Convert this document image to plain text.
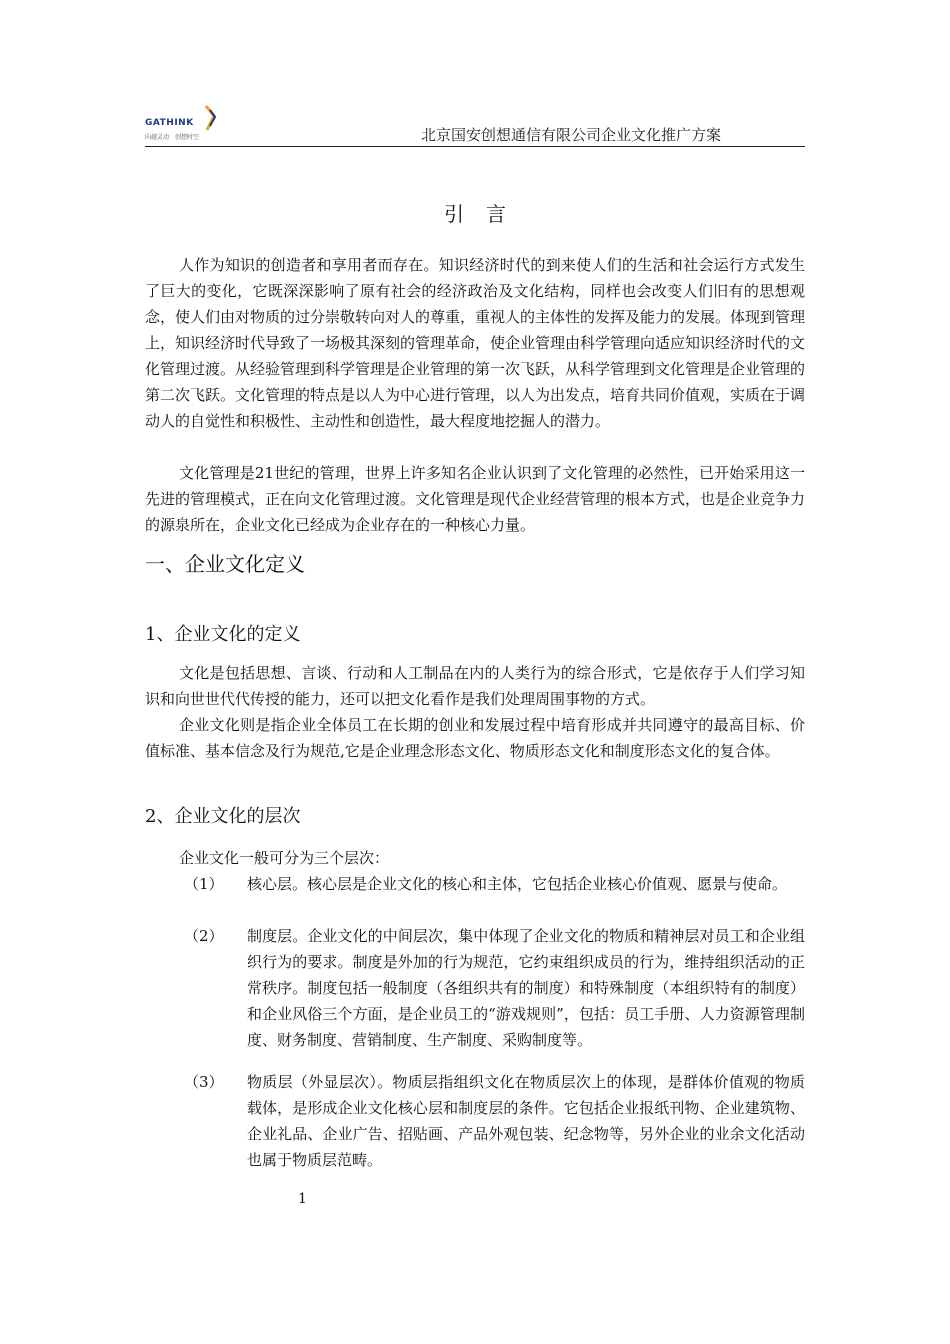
GATHINK
向越灵动 创想时空	北京国安创想通信有限公司企业文化推广方案
引言
人作为知识的创造者和享用者而存在。知识经济时代的到来使人们的生活和社会运行方式发生了巨大的变化，它既深深影响了原有社会的经济政治及文化结构，同样也会改变人们旧有的思想观念，使人们由对物质的过分崇敬转向对人的尊重，重视人的主体性的发挥及能力的发展。体现到管理上，知识经济时代导致了一场极其深刻的管理革命，使企业管理由科学管理向适应知识经济时代的文化管理过渡。从经验管理到科学管理是企业管理的第一次飞跃，从科学管理到文化管理是企业管理的第二次飞跃。文化管理的特点是以人为中心进行管理，以人为出发点，培育共同价值观，实质在于调动人的自觉性和积极性、主动性和创造性，最大程度地挖掘人的潜力。
文化管理是21世纪的管理，世界上许多知名企业认识到了文化管理的必然性，已开始采用这一先进的管理模式，正在向文化管理过渡。文化管理是现代企业经营管理的根本方式，也是企业竞争力的源泉所在，企业文化已经成为企业存在的一种核心力量。
一、企业文化定义
1、企业文化的定义
文化是包括思想、言谈、行动和人工制品在内的人类行为的综合形式，它是依存于人们学习知识和向世世代代传授的能力，还可以把文化看作是我们处理周围事物的方式。
企业文化则是指企业全体员工在长期的创业和发展过程中培育形成并共同遵守的最高目标、价值标准、基本信念及行为规范,它是企业理念形态文化、物质形态文化和制度形态文化的复合体。
2、企业文化的层次
企业文化一般可分为三个层次：
（1） 核心层。核心层是企业文化的核心和主体，它包括企业核心价值观、愿景与使命。
（2） 制度层。企业文化的中间层次，集中体现了企业文化的物质和精神层对员工和企业组织行为的要求。制度是外加的行为规范，它约束组织成员的行为，维持组织活动的正常秩序。制度包括一般制度（各组织共有的制度）和特殊制度（本组织特有的制度）和企业风俗三个方面，是企业员工的“游戏规则”，包括：员工手册、人力资源管理制度、财务制度、营销制度、生产制度、采购制度等。
（3） 物质层（外显层次）。物质层指组织文化在物质层次上的体现，是群体价值观的物质载体，是形成企业文化核心层和制度层的条件。它包括企业报纸刊物、企业建筑物、企业礼品、企业广告、招贴画、产品外观包装、纪念物等，另外企业的业余文化活动也属于物质层范畴。
1
